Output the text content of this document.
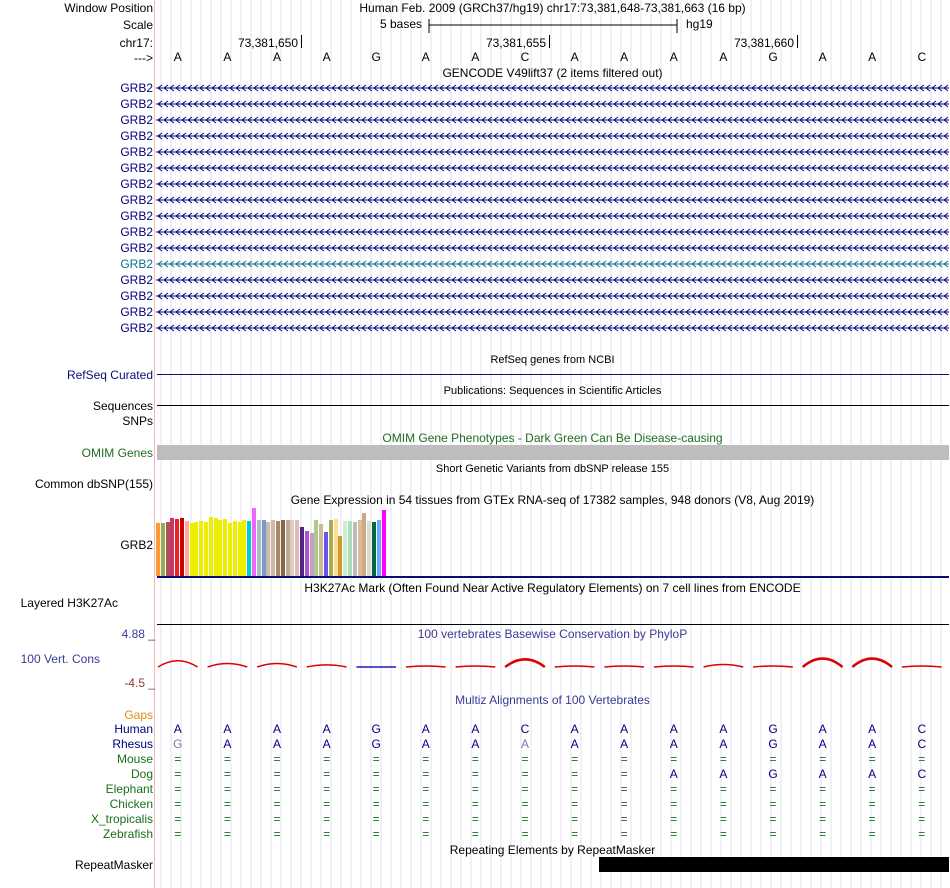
Window Position	Human Feb. 2009 (GRCh37/hg19) chr17:73,381,648-73,381,663 (16 bp)
Scale	5 bases	hg19
chr17:	73,381,650	73,381,655	73,381,660
--->	A	A	A	A	G	A	A	C	A	A	A	A	G	A	A	C
GENCODE V49lift37 (2 items filtered out)
GRB2
GRB2
GRB2
GRB2
GRB2
GRB2
GRB2
GRB2
GRB2
GRB2
GRB2
GRB2
GRB2
GRB2
GRB2
GRB2
RefSeq genes from NCBI
RefSeq Curated
Publications: Sequences in Scientific Articles
Sequences
SNPs
OMIM Gene Phenotypes - Dark Green Can Be Disease-causing
OMIM Genes
Short Genetic Variants from dbSNP release 155
Common dbSNP(155)
Gene Expression in 54 tissues from GTEx RNA-seq of 17382 samples, 948 donors (V8, Aug 2019)
GRB2
H3K27Ac Mark (Often Found Near Active Regulatory Elements) on 7 cell lines from ENCODE
Layered H3K27Ac
100 vertebrates Basewise Conservation by PhyloP
4.88 _
100 Vert. Cons
-4.5 _
Multiz Alignments of 100 Vertebrates
Gaps
Human	A	A	A	A	G	A	A	C	A	A	A	A	G	A	A	C
Rhesus	G	A	A	A	G	A	A	A	A	A	A	A	G	A	A	C
Mouse	=	=	=	=	=	=	=	=	=	=	=	=	=	=	=	=
Dog	=	=	=	=	=	=	=	=	=	=	A	A	G	A	A	C
Elephant	=	=	=	=	=	=	=	=	=	=	=	=	=	=	=	=
Chicken	=	=	=	=	=	=	=	=	=	=	=	=	=	=	=	=
X_tropicalis	=	=	=	=	=	=	=	=	=	=	=	=	=	=	=	=
Zebrafish	=	=	=	=	=	=	=	=	=	=	=	=	=	=	=	=
Repeating Elements by RepeatMasker
RepeatMasker
